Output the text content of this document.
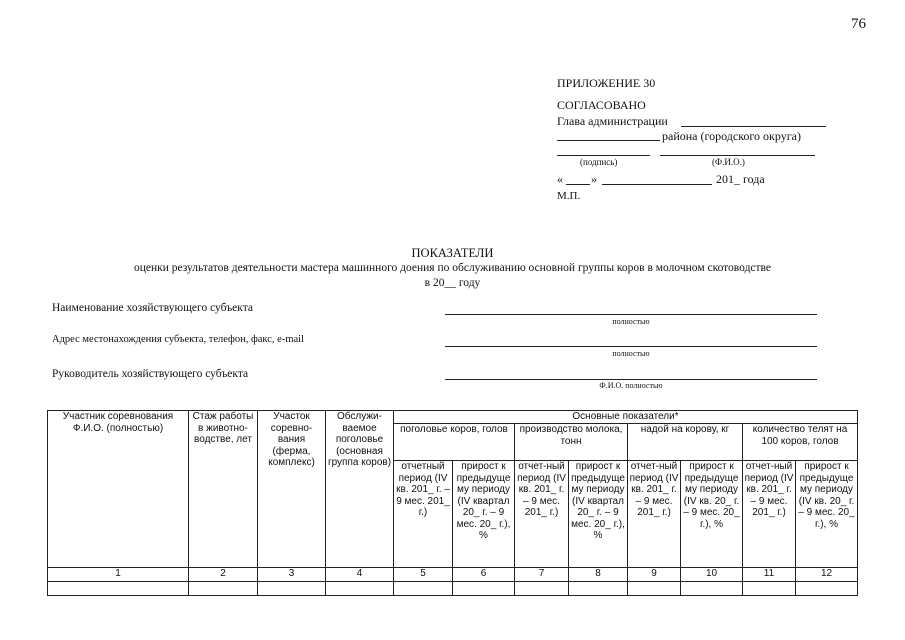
76
ПРИЛОЖЕНИЕ 30
СОГЛАСОВАНО
Глава администрации
района (городского округа)
(подпись)	(Ф.И.О.)
« »	201_ года
М.П.
ПОКАЗАТЕЛИ
оценки результатов деятельности мастера машинного доения по обслуживанию основной группы коров в молочном скотоводстве
в 20__ году
Наименование хозяйствующего субъекта
полностью
Адрес местонахождения субъекта, телефон, факс, e-mail
полностью
Руководитель хозяйствующего субъекта
Ф.И.О. полностью
Участник соревнования Ф.И.О. (полностью)	Стаж работы в животно-водстве, лет	Участок соревно-вания (ферма, комплекс)	Обслужи-ваемое поголовье (основная группа коров)	Основные показатели*							
				поголовье коров, голов		производство молока, тонн		надой на корову, кг		количество телят на 100 коров, голов	
				отчетный период (IV кв. 201_ г. – 9 мес. 201_ г.)	прирост к предыдуще му периоду (IV квартал 20_ г. – 9 мес. 20_ г.), %	отчет-ный период (IV кв. 201_ г. – 9 мес. 201_ г.)	прирост к предыдуще му периоду (IV квартал 20_ г. – 9 мес. 20_ г.), %	отчет-ный период (IV кв. 201_ г. – 9 мес. 201_ г.)	прирост к предыдуще му периоду (IV кв. 20_ г. – 9 мес. 20_ г.), %	отчет-ный период (IV кв. 201_ г. – 9 мес. 201_ г.)	прирост к предыдуще му периоду (IV кв. 20_ г. – 9 мес. 20_ г.), %
1	2	3	4	5	6	7	8	9	10	11	12
